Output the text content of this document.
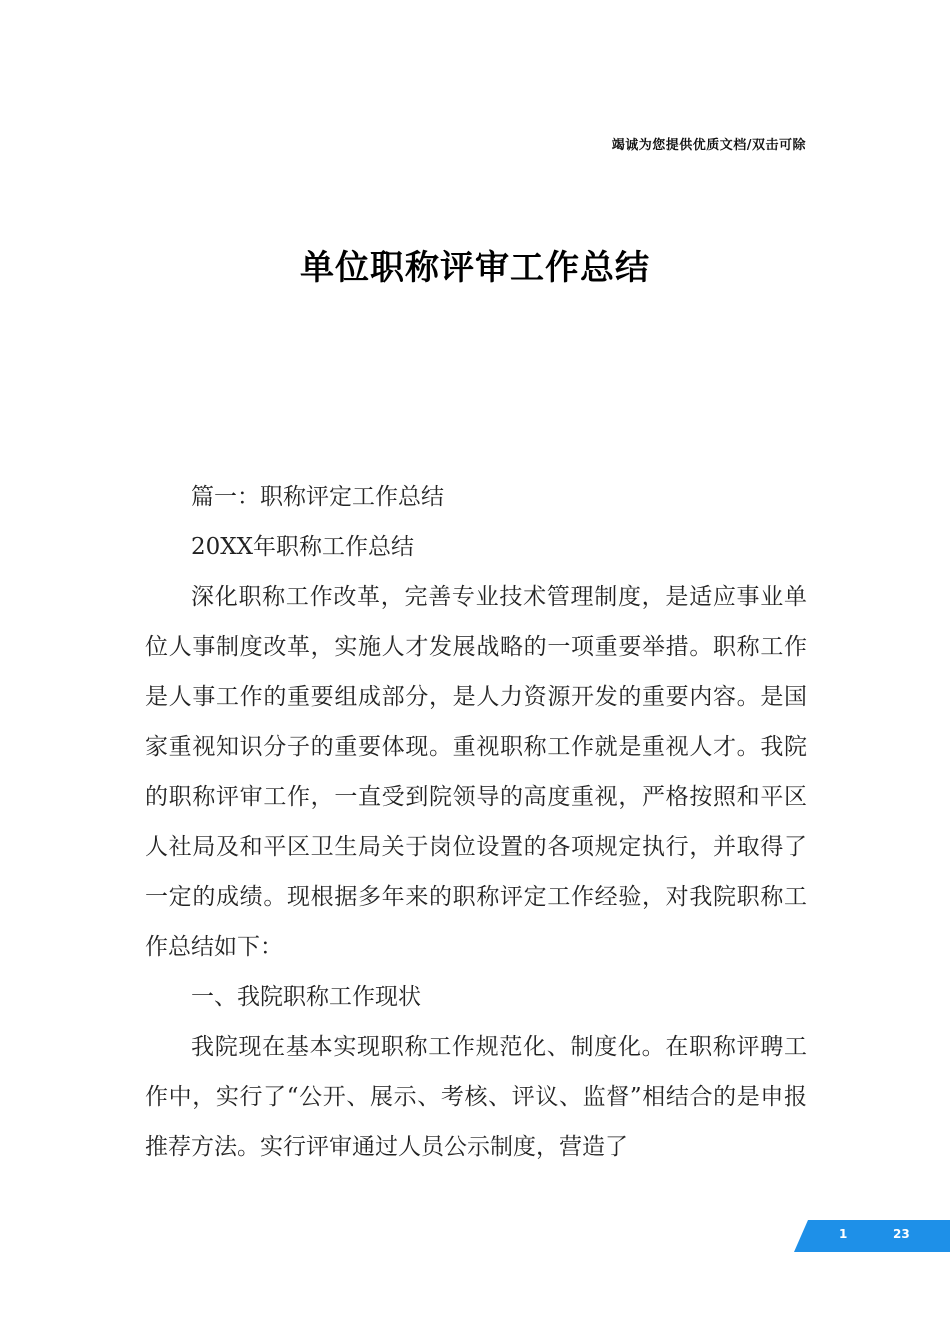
竭诚为您提供优质文档/双击可除
单位职称评审工作总结

篇一：职称评定工作总结

20XX年职称工作总结

深化职称工作改革，完善专业技术管理制度，是适应事业单位人事制度改革，实施人才发展战略的一项重要举措。职称工作是人事工作的重要组成部分，是人力资源开发的重要内容。是国家重视知识分子的重要体现。重视职称工作就是重视人才。我院的职称评审工作，一直受到院领导的高度重视，严格按照和平区人社局及和平区卫生局关于岗位设置的各项规定执行，并取得了一定的成绩。现根据多年来的职称评定工作经验，对我院职称工作总结如下：

一、我院职称工作现状

我院现在基本实现职称工作规范化、制度化。在职称评聘工作中，实行了“公开、展示、考核、评议、监督”相结合的是申报推荐方法。实行评审通过人员公示制度，营造了

1	23
